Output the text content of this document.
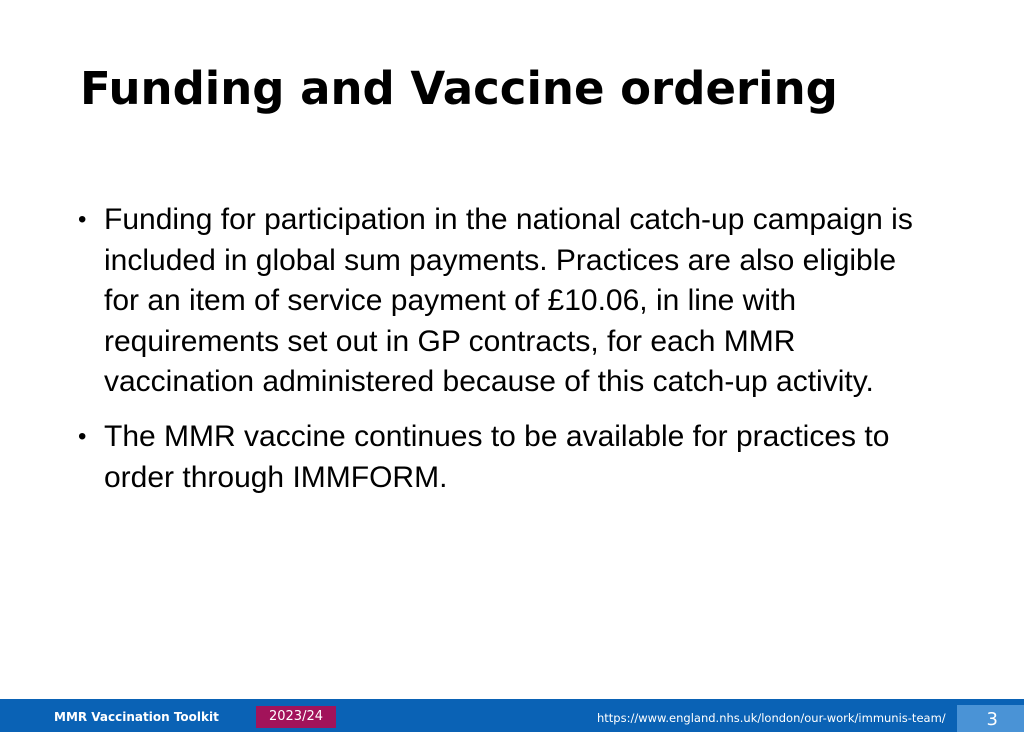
Funding and Vaccine ordering
• Funding for participation in the national catch-up campaign is included in global sum payments. Practices are also eligible for an item of service payment of £10.06, in line with requirements set out in GP contracts, for each MMR vaccination administered because of this catch-up activity.
• The MMR vaccine continues to be available for practices to order through IMMFORM.
MMR Vaccination Toolkit	2023/24	https://www.england.nhs.uk/london/our-work/immunis-team/	3
